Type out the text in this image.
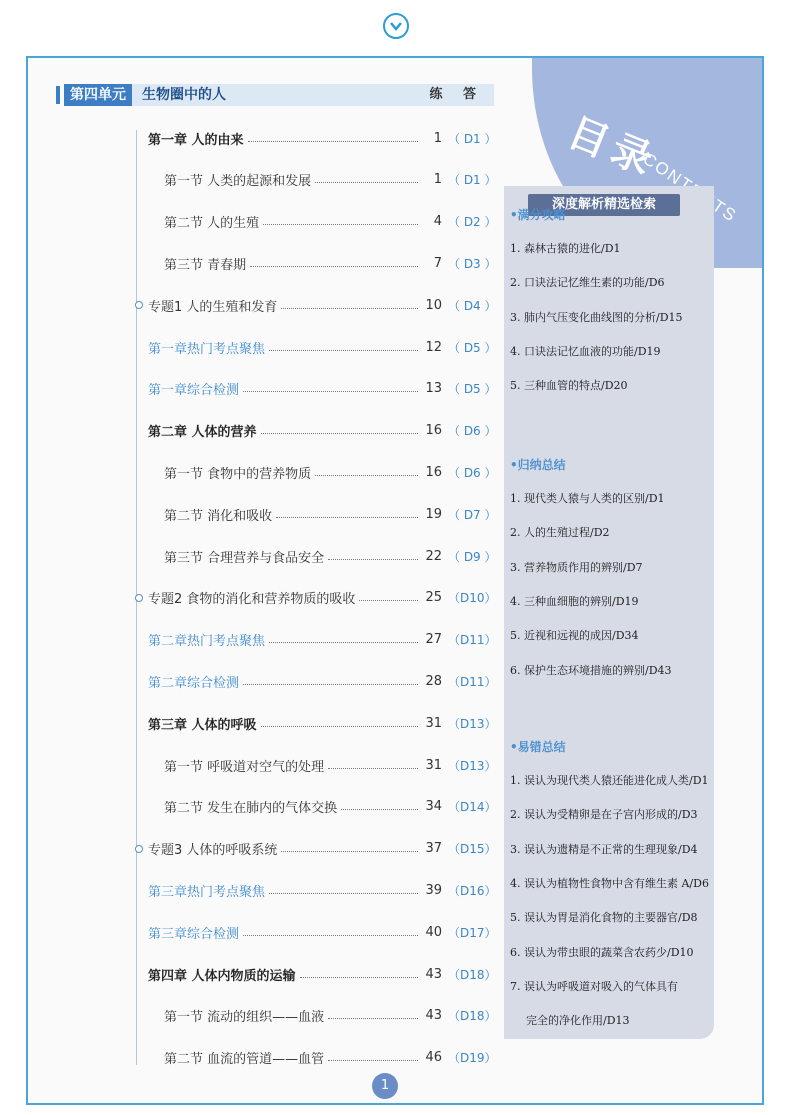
目录
第四单元	生物圈中的人	练 答
第一章 人的由来	1 （ D1 ）
第一节 人类的起源和发展	1 （ D1 ）
第二节 人的生殖	4 （ D2 ）
第三节 青春期	7 （ D3 ）
专题1 人的生殖和发育	10 （ D4 ）
第一章热门考点聚焦	12 （ D5 ）
第一章综合检测	13 （ D5 ）
第二章 人体的营养	16 （ D6 ）
第一节 食物中的营养物质	16 （ D6 ）
第二节 消化和吸收	19 （ D7 ）
第三节 合理营养与食品安全	22 （ D9 ）
专题2 食物的消化和营养物质的吸收	25 （D10）
第二章热门考点聚焦	27 （D11）
第二章综合检测	28 （D11）
第三章 人体的呼吸	31 （D13）
第一节 呼吸道对空气的处理	31 （D13）
第二节 发生在肺内的气体交换	34 （D14）
专题3 人体的呼吸系统	37 （D15）
第三章热门考点聚焦	39 （D16）
第三章综合检测	40 （D17）
第四章 人体内物质的运输	43 （D18）
第一节 流动的组织——血液	43 （D18）
第二节 血流的管道——血管	46 （D19）
深度解析精选检索
•满分攻略
1. 森林古猿的进化/D1
2. 口诀法记忆维生素的功能/D6
3. 肺内气压变化曲线图的分析/D15
4. 口诀法记忆血液的功能/D19
5. 三种血管的特点/D20
•归纳总结
1. 现代类人猿与人类的区别/D1
2. 人的生殖过程/D2
3. 营养物质作用的辨别/D7
4. 三种血细胞的辨别/D19
5. 近视和远视的成因/D34
6. 保护生态环境措施的辨别/D43
•易错总结
1. 误认为现代类人猿还能进化成人类/D1
2. 误认为受精卵是在子宫内形成的/D3
3. 误认为遗精是不正常的生理现象/D4
4. 误认为植物性食物中含有维生素 A/D6
5. 误认为胃是消化食物的主要器官/D8
6. 误认为带虫眼的蔬菜含农药少/D10
7. 误认为呼吸道对吸入的气体具有
完全的净化作用/D13
1
